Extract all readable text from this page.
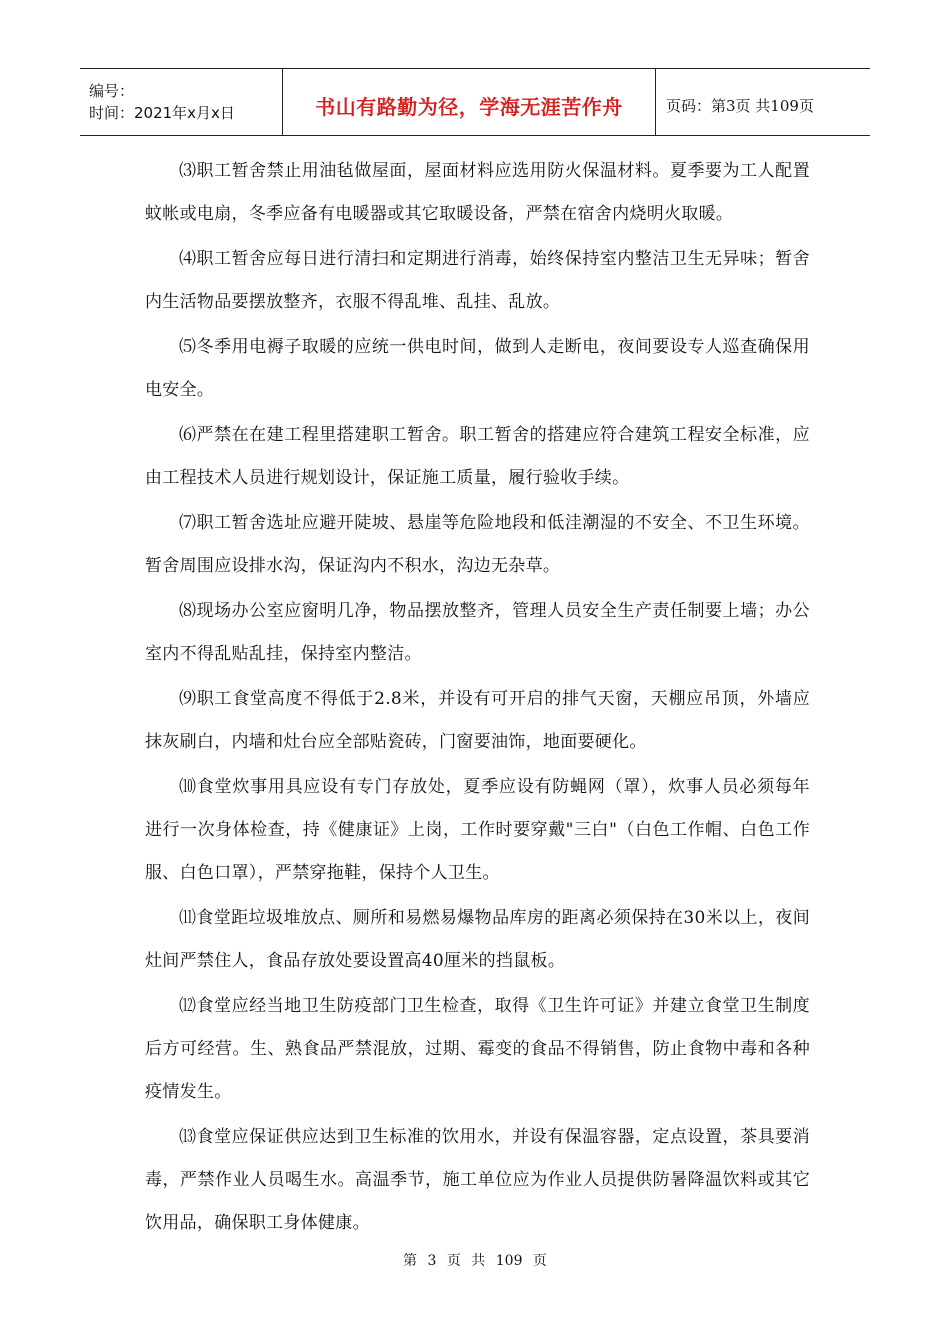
编号：
时间：2021年x月x日	书山有路勤为径，学海无涯苦作舟	页码：第3页 共109页

⑶职工暂舍禁止用油毡做屋面，屋面材料应选用防火保温材料。夏季要为工人配置蚊帐或电扇，冬季应备有电暖器或其它取暖设备，严禁在宿舍内烧明火取暖。

⑷职工暂舍应每日进行清扫和定期进行消毒，始终保持室内整洁卫生无异味；暂舍内生活物品要摆放整齐，衣服不得乱堆、乱挂、乱放。

⑸冬季用电褥子取暖的应统一供电时间，做到人走断电，夜间要设专人巡查确保用电安全。

⑹严禁在在建工程里搭建职工暂舍。职工暂舍的搭建应符合建筑工程安全标准，应由工程技术人员进行规划设计，保证施工质量，履行验收手续。

⑺职工暂舍选址应避开陡坡、悬崖等危险地段和低洼潮湿的不安全、不卫生环境。暂舍周围应设排水沟，保证沟内不积水，沟边无杂草。

⑻现场办公室应窗明几净，物品摆放整齐，管理人员安全生产责任制要上墙；办公室内不得乱贴乱挂，保持室内整洁。

⑼职工食堂高度不得低于2.8米，并设有可开启的排气天窗，天棚应吊顶，外墙应抹灰刷白，内墙和灶台应全部贴瓷砖，门窗要油饰，地面要硬化。

⑽食堂炊事用具应设有专门存放处，夏季应设有防蝇网（罩），炊事人员必须每年进行一次身体检查，持《健康证》上岗，工作时要穿戴"三白"（白色工作帽、白色工作服、白色口罩），严禁穿拖鞋，保持个人卫生。

⑾食堂距垃圾堆放点、厕所和易燃易爆物品库房的距离必须保持在30米以上，夜间灶间严禁住人，食品存放处要设置高40厘米的挡鼠板。

⑿食堂应经当地卫生防疫部门卫生检查，取得《卫生许可证》并建立食堂卫生制度后方可经营。生、熟食品严禁混放，过期、霉变的食品不得销售，防止食物中毒和各种疫情发生。

⒀食堂应保证供应达到卫生标准的饮用水，并设有保温容器，定点设置，茶具要消毒，严禁作业人员喝生水。高温季节，施工单位应为作业人员提供防暑降温饮料或其它饮用品，确保职工身体健康。

第 3 页 共 109 页
